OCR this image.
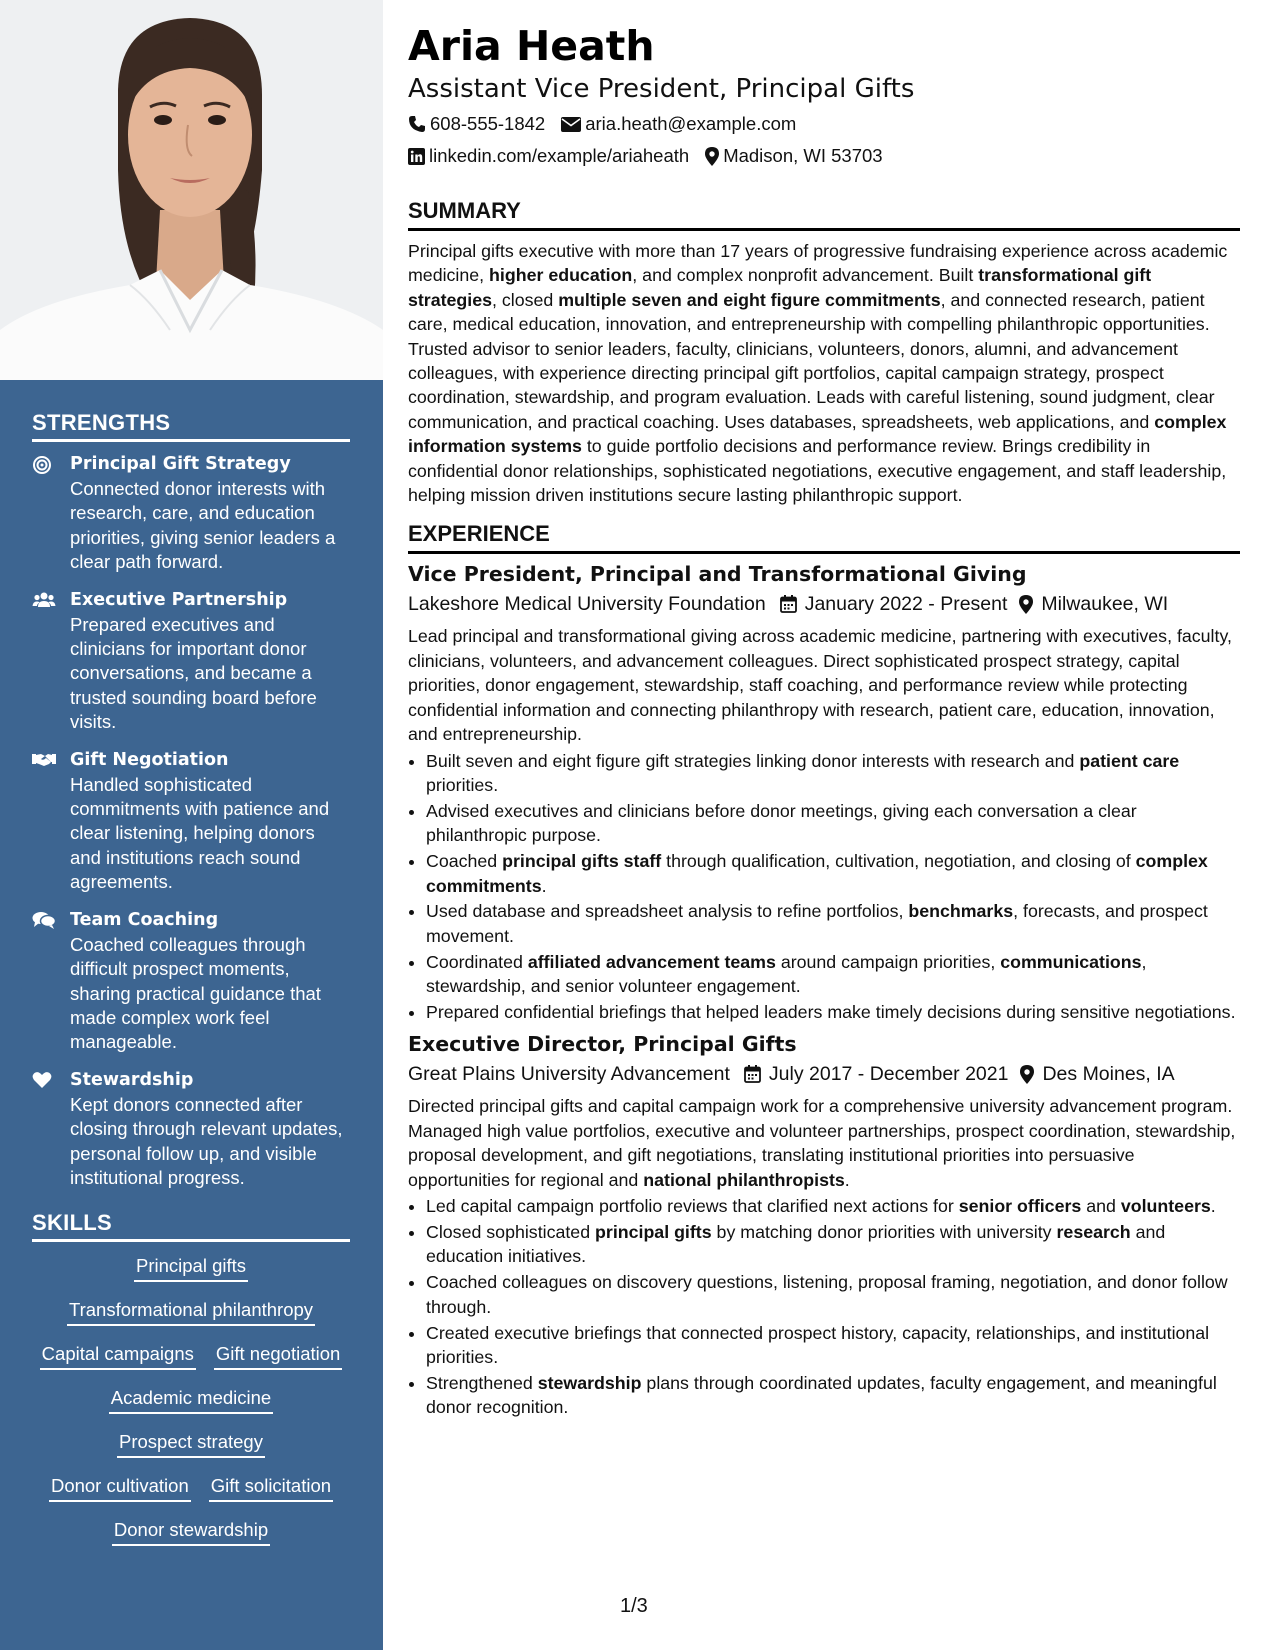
STRENGTHS
Principal Gift Strategy
Connected donor interests with research, care, and education priorities, giving senior leaders a clear path forward.
Executive Partnership
Prepared executives and clinicians for important donor conversations, and became a trusted sounding board before visits.
Gift Negotiation
Handled sophisticated commitments with patience and clear listening, helping donors and institutions reach sound agreements.
Team Coaching
Coached colleagues through difficult prospect moments, sharing practical guidance that made complex work feel manageable.
Stewardship
Kept donors connected after closing through relevant updates, personal follow up, and visible institutional progress.
SKILLS
Principal gifts
Transformational philanthropy
Capital campaigns Gift negotiation
Academic medicine
Prospect strategy
Donor cultivation Gift solicitation
Donor stewardship
Aria Heath
Assistant Vice President, Principal Gifts
608-555-1842 aria.heath@example.com
linkedin.com/example/ariaheath Madison, WI 53703
SUMMARY
Principal gifts executive with more than 17 years of progressive fundraising experience across academic medicine, higher education, and complex nonprofit advancement. Built transformational gift strategies, closed multiple seven and eight figure commitments, and connected research, patient care, medical education, innovation, and entrepreneurship with compelling philanthropic opportunities. Trusted advisor to senior leaders, faculty, clinicians, volunteers, donors, alumni, and advancement colleagues, with experience directing principal gift portfolios, capital campaign strategy, prospect coordination, stewardship, and program evaluation. Leads with careful listening, sound judgment, clear communication, and practical coaching. Uses databases, spreadsheets, web applications, and complex information systems to guide portfolio decisions and performance review. Brings credibility in confidential donor relationships, sophisticated negotiations, executive engagement, and staff leadership, helping mission driven institutions secure lasting philanthropic support.
EXPERIENCE
Vice President, Principal and Transformational Giving
Lakeshore Medical University Foundation January 2022 - Present Milwaukee, WI
Lead principal and transformational giving across academic medicine, partnering with executives, faculty, clinicians, volunteers, and advancement colleagues. Direct sophisticated prospect strategy, capital priorities, donor engagement, stewardship, staff coaching, and performance review while protecting confidential information and connecting philanthropy with research, patient care, education, innovation, and entrepreneurship.
• Built seven and eight figure gift strategies linking donor interests with research and patient care priorities.
• Advised executives and clinicians before donor meetings, giving each conversation a clear philanthropic purpose.
• Coached principal gifts staff through qualification, cultivation, negotiation, and closing of complex commitments.
• Used database and spreadsheet analysis to refine portfolios, benchmarks, forecasts, and prospect movement.
• Coordinated affiliated advancement teams around campaign priorities, communications, stewardship, and senior volunteer engagement.
• Prepared confidential briefings that helped leaders make timely decisions during sensitive negotiations.
Executive Director, Principal Gifts
Great Plains University Advancement July 2017 - December 2021 Des Moines, IA
Directed principal gifts and capital campaign work for a comprehensive university advancement program. Managed high value portfolios, executive and volunteer partnerships, prospect coordination, stewardship, proposal development, and gift negotiations, translating institutional priorities into persuasive opportunities for regional and national philanthropists.
• Led capital campaign portfolio reviews that clarified next actions for senior officers and volunteers.
• Closed sophisticated principal gifts by matching donor priorities with university research and education initiatives.
• Coached colleagues on discovery questions, listening, proposal framing, negotiation, and donor follow through.
• Created executive briefings that connected prospect history, capacity, relationships, and institutional priorities.
• Strengthened stewardship plans through coordinated updates, faculty engagement, and meaningful donor recognition.
1/3
